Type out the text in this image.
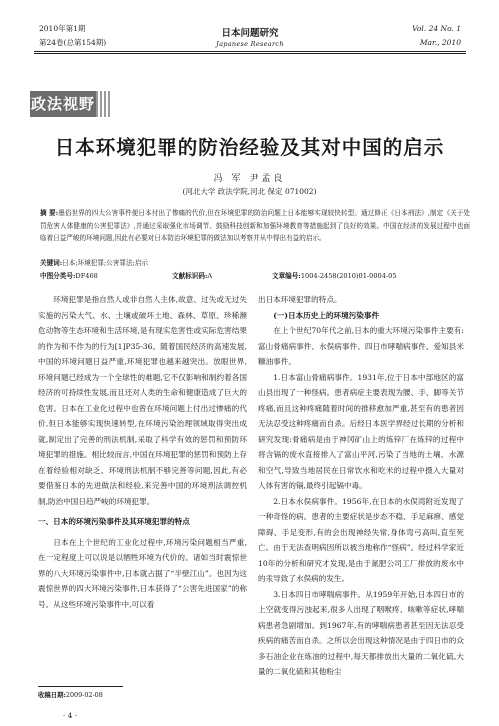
2010年第1期
第24卷(总第154期)
日本问题研究
Japanese Research
Vol. 24 No. 1
Mar., 2010
政法视野
日本环境犯罪的防治经验及其对中国的启示
冯 军 尹孟良
(河北大学 政法学院,河北 保定 071002)
摘 要:墨俗世界的四大公害事件便日本付出了惨痛的代价,但在环境犯罪的防治问题上日本能够实现较快转型。通过修正《日本刑法》,制定《关于处罚危害人体健康的公害犯罪法》,并通过采取强化市场调节、鼓励科技创新和加强环境教育等措施起到了良好的效果。中国在经济的发展过程中也面临着日益严峻的环境问题,因此有必要对日本防治环境犯罪的做法加以考察并从中得出有益的启示。
关键词:日本;环境犯罪;公害罪法;启示
中图分类号:DF468	文献标识码:A	文章编号:1004-2458(2010)01-0004-05

环境犯罪是指自然人或非自然人主体,故意、过失或无过失实施的污染大气、水、土壤或破坏土地、森林、草原、珍稀濒危动物等生态环境和生活环境,是有现实危害性或实际危害结果的作为和不作为的行为[1]P35-36。随着国民经济的高速发展,中国的环境问题日益严重,环境犯罪也越来越突出。放眼世界,环境问题已经成为一个全球性的难题,它不仅影响和制约着各国经济的可持续性发展,而且还对人类的生命和健康造成了巨大的危害。日本在工业化过程中也曾在环境问题上付出过惨痛的代价,但日本能够实现快速转型,在环境污染治理领域取得突出成就,制定出了完善的刑法机制,采取了科学有效的惩罚和预防环境犯罪的措施。相比较而言,中国在环境犯罪的惩罚和预防上存在着经验相对缺乏、环境刑法机制不够完善等问题,因此,有必要借鉴日本的先进做法和经验,来完善中国的环境刑法调控机制,防治中国日趋严峻的环境犯罪。

一、日本的环境污染事件及其环境犯罪的特点

日本在上个世纪的工业化过程中,环境污染问题相当严重,在一定程度上可以说是以牺牲环境为代价的。诸如当时震惊世界的八大环境污染事件中,日本就占据了“半壁江山”。也因为这震惊世界的四大环境污染事件,日本获得了“公害先进国家”的称号。从这些环境污染事件中,可以看

收稿日期:2009-02-08
· 4 ·
出日本环境犯罪的特点。
(一)日本历史上的环境污染事件

在上个世纪70年代之前,日本的重大环境污染事件主要有:富山骨痛病事件、水俣病事件、四日市哮喘病事件、爱知县米糠油事件。

1.日本富山骨痛病事件。1931年,位于日本中部地区的富山县出现了一种怪病。患者病症主要表现为腰、手、脚等关节疼痛,而且这种疼痛随着时间的推移愈加严重,甚至有的患者因无法忍受这种疼痛而自杀。后经日本医学界经过长期的分析和研究发现:骨痛病是由于神冈矿山上的炼锌厂在炼锌的过程中将含镉的废水直接排入了富山平河,污染了当地的土壤、水源和空气,导致当地居民在日常饮水和吃米的过程中摄入大量对人体有害的镉,最终引起镉中毒。

2.日本水俣病事件。1956年,在日本的水俣湾附近发现了一种奇怪的病。患者的主要症状是步态不稳、手足麻痹、感觉障碍、手足变形,有的会出现神经失常,身体弯弓高叫,直至死亡。由于无法查明病因所以被当地称作“怪病”。经过科学家近10年的分析和研究才发现,是由于氮肥公司工厂排放的废水中的汞导致了水俣病的发生。

3.日本四日市哮喘病事件。从1959年开始,日本四日市的上空就变得污浊起来,很多人出现了咽喉疼、咳嗽等症状,哮喘病患者急剧增加。到1967年,有的哮喘病患者甚至因无法忍受疾病的痛苦而自杀。之所以会出现这种情况是由于四日市的众多石油企业在炼油的过程中,每天都排放出大量的二氧化硫,大量的二氧化硫和其他粉尘
